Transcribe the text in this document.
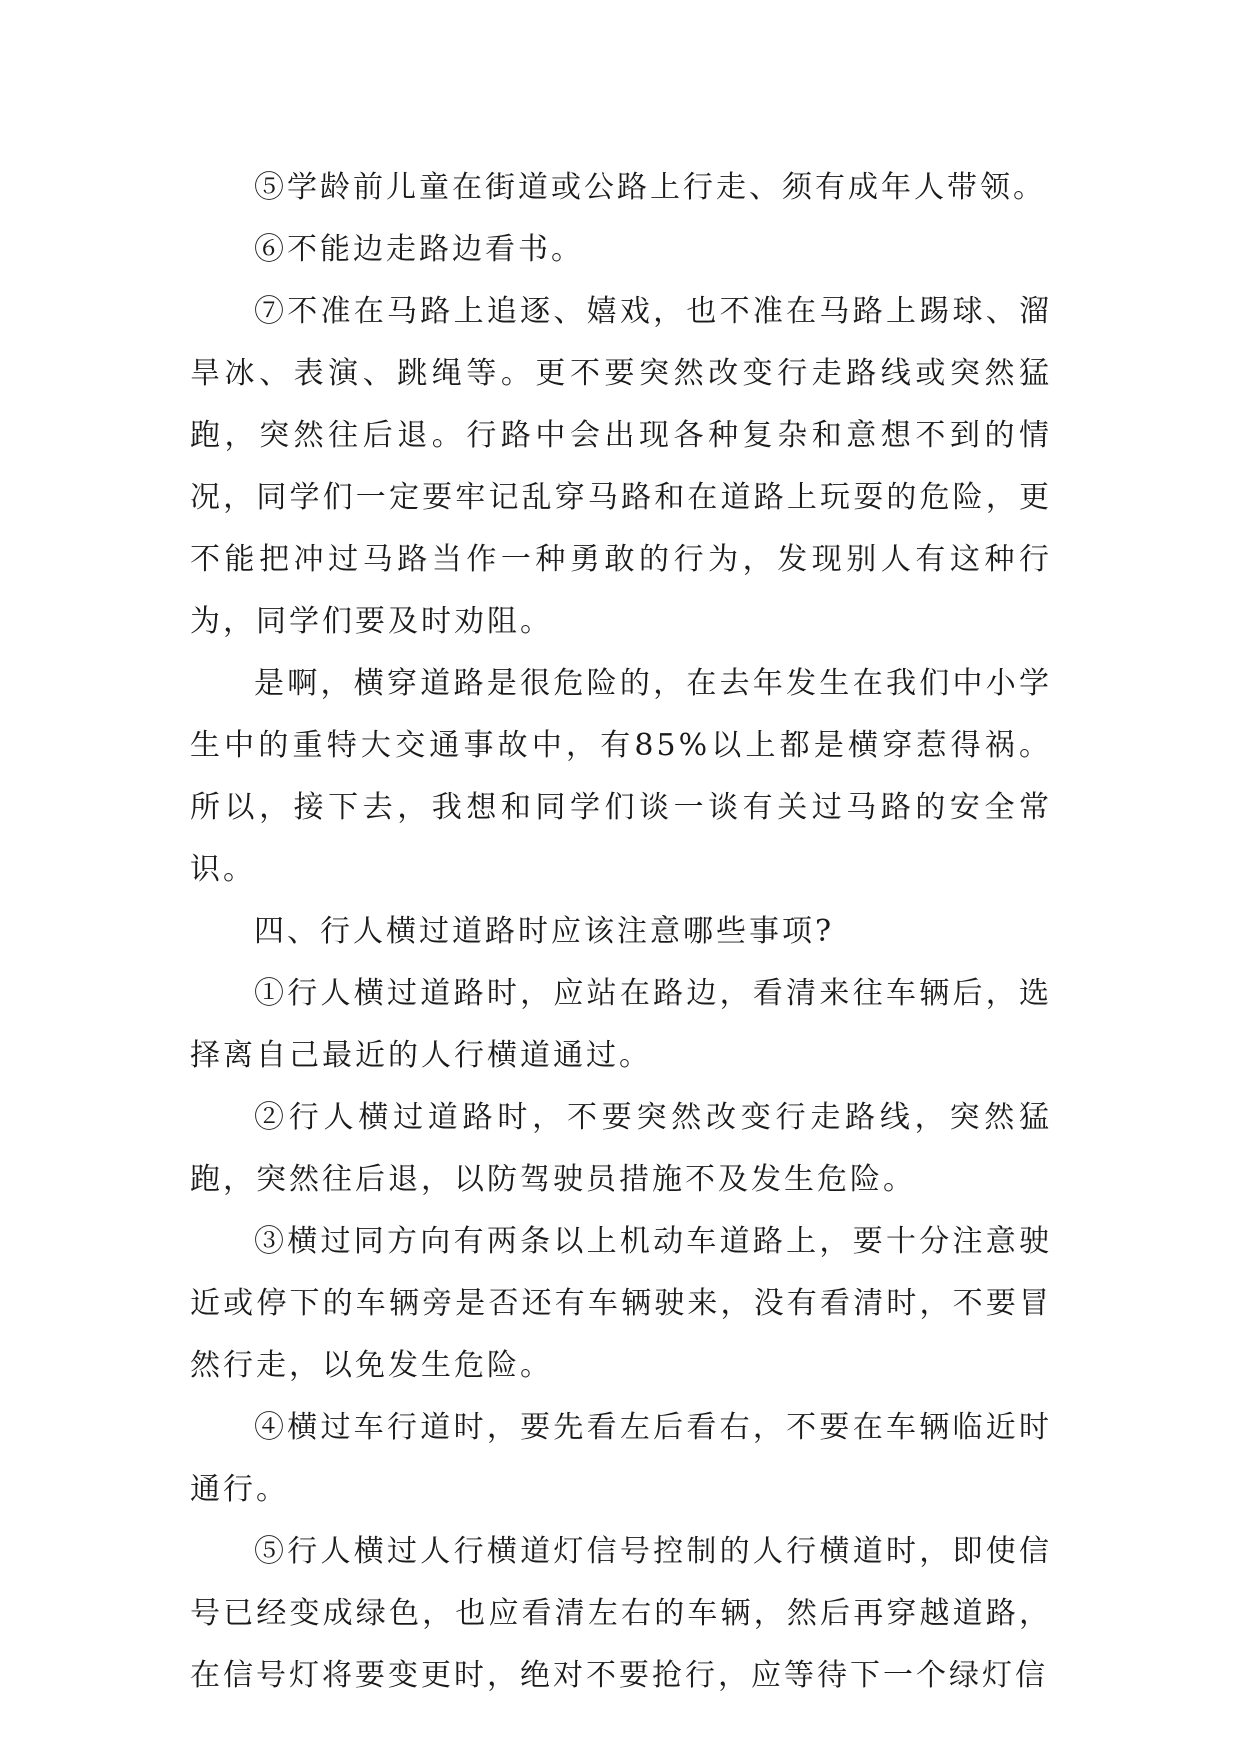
⑤学龄前儿童在街道或公路上行走、须有成年人带领。

⑥不能边走路边看书。

⑦不准在马路上追逐、嬉戏，也不准在马路上踢球、溜旱冰、表演、跳绳等。更不要突然改变行走路线或突然猛跑，突然往后退。行路中会出现各种复杂和意想不到的情况，同学们一定要牢记乱穿马路和在道路上玩耍的危险，更不能把冲过马路当作一种勇敢的行为，发现别人有这种行为，同学们要及时劝阻。

是啊，横穿道路是很危险的，在去年发生在我们中小学生中的重特大交通事故中，有85%以上都是横穿惹得祸。所以，接下去，我想和同学们谈一谈有关过马路的安全常识。

四、行人横过道路时应该注意哪些事项?

①行人横过道路时，应站在路边，看清来往车辆后，选择离自己最近的人行横道通过。

②行人横过道路时，不要突然改变行走路线，突然猛跑，突然往后退，以防驾驶员措施不及发生危险。

③横过同方向有两条以上机动车道路上，要十分注意驶近或停下的车辆旁是否还有车辆驶来，没有看清时，不要冒然行走，以免发生危险。

④横过车行道时，要先看左后看右，不要在车辆临近时通行。

⑤行人横过人行横道灯信号控制的人行横道时，即使信号已经变成绿色，也应看清左右的车辆，然后再穿越道路，在信号灯将要变更时，绝对不要抢行，应等待下一个绿灯信
